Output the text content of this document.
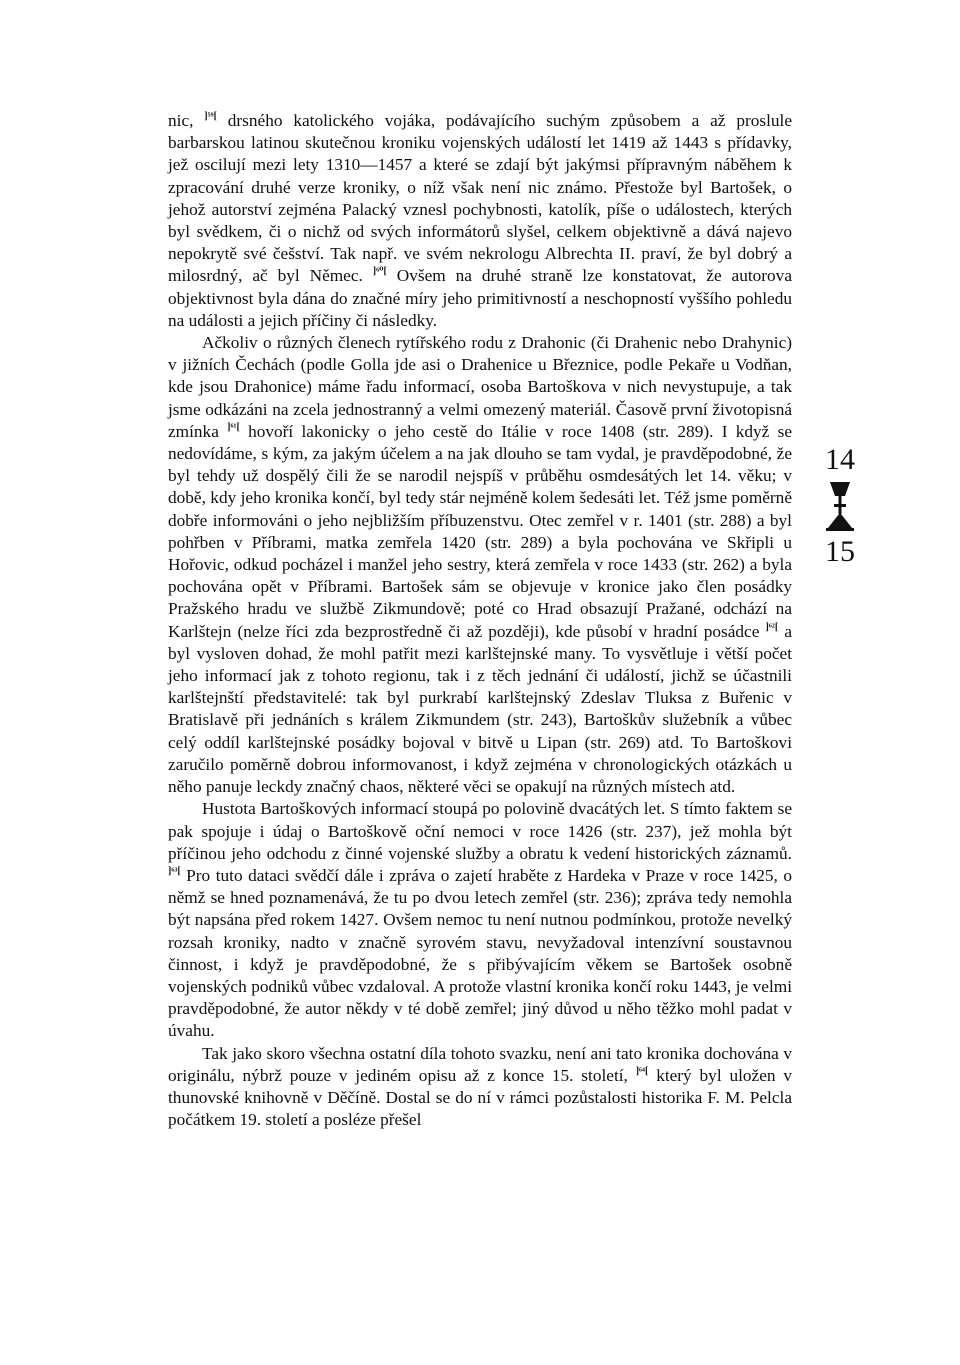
nic, $^{]^{59}[}$ drsného katolického vojáka, podávajícího suchým způsobem a až proslule barbarskou latinou skutečnou kroniku vojenských událostí let 1419 až 1443 s přídavky, jež oscilují mezi lety 1310—1457 a které se zdají být jakýmsi přípravným náběhem k zpracování druhé verze kroniky, o níž však není nic známo. Přestože byl Bartošek, o jehož autorství zejména Palacký vznesl pochybnosti, katolík, píše o událostech, kterých byl svědkem, či o nichž od svých informátorů slyšel, celkem objektivně a dává najevo nepokrytě své češství. Tak např. ve svém nekrologu Albrechta II. praví, že byl dobrý a milosrdný, ač byl Němec. $^{]^{60}[}$ Ovšem na druhé straně lze konstatovat, že autorova objektivnost byla dána do značné míry jeho primitivností a neschopností vyššího pohledu na události a jejich příčiny či následky.

Ačkoliv o různých členech rytířského rodu z Drahonic (či Drahenic nebo Drahynic) v jižních Čechách (podle Golla jde asi o Drahenice u Březnice, podle Pekaře u Vodňan, kde jsou Drahonice) máme řadu informací, osoba Bartoškova v nich nevystupuje, a tak jsme odkázáni na zcela jednostranný a velmi omezený materiál. Časově první životopisná zmínka $^{]^{61}[}$ hovoří lakonicky o jeho cestě do Itálie v roce 1408 (str. 289). I když se nedovídáme, s kým, za jakým účelem a na jak dlouho se tam vydal, je pravděpodobné, že byl tehdy už dospělý čili že se narodil nejspíš v průběhu osmdesátých let 14. věku; v době, kdy jeho kronika končí, byl tedy stár nejméně kolem šedesáti let. Též jsme poměrně dobře informováni o jeho nejbližším příbuzenstvu. Otec zemřel v r. 1401 (str. 288) a byl pohřben v Příbrami, matka zemřela 1420 (str. 289) a byla pochována ve Skřipli u Hořovic, odkud pocházel i manžel jeho sestry, která zemřela v roce 1433 (str. 262) a byla pochována opět v Příbrami. Bartošek sám se objevuje v kronice jako člen posádky Pražského hradu ve službě Zikmundově; poté co Hrad obsazují Pražané, odchází na Karlštejn (nelze říci zda bezprostředně či až později), kde působí v hradní posádce $^{]^{62}[}$ a byl vysloven dohad, že mohl patřit mezi karlštejnské many. To vysvětluje i větší počet jeho informací jak z tohoto regionu, tak i z těch jednání či událostí, jichž se účastnili karlštejnští představitelé: tak byl purkrabí karlštejnský Zdeslav Tluksa z Buřenic v Bratislavě při jednáních s králem Zikmundem (str. 243), Bartoškův služebník a vůbec celý oddíl karlštejnské posádky bojoval v bitvě u Lipan (str. 269) atd. To Bartoškovi zaručilo poměrně dobrou informovanost, i když zejména v chronologických otázkách u něho panuje leckdy značný chaos, některé věci se opakují na různých místech atd.

Hustota Bartoškových informací stoupá po polovině dvacátých let. S tímto faktem se pak spojuje i údaj o Bartoškově oční nemoci v roce 1426 (str. 237), jež mohla být příčinou jeho odchodu z činné vojenské služby a obratu k vedení historických záznamů. $^{]^{63}[}$ Pro tuto dataci svědčí dále i zpráva o zajetí hraběte z Hardeka v Praze v roce 1425, o němž se hned poznamenává, že tu po dvou letech zemřel (str. 236); zpráva tedy nemohla být napsána před rokem 1427. Ovšem nemoc tu není nutnou podmínkou, protože nevelký rozsah kroniky, nadto v značně syrovém stavu, nevyžadoval intenzívní soustavnou činnost, i když je pravděpodobné, že s přibývajícím věkem se Bartošek osobně vojenských podniků vůbec vzdaloval. A protože vlastní kronika končí roku 1443, je velmi pravděpodobné, že autor někdy v té době zemřel; jiný důvod u něho těžko mohl padat v úvahu.

Tak jako skoro všechna ostatní díla tohoto svazku, není ani tato kronika dochována v originálu, nýbrž pouze v jediném opisu až z konce 15. století, $^{]^{64}[}$ který byl uložen v thunovské knihovně v Děčíně. Dostal se do ní v rámci pozůstalosti historika F. M. Pelcla počátkem 19. století a posléze přešel

14
15
